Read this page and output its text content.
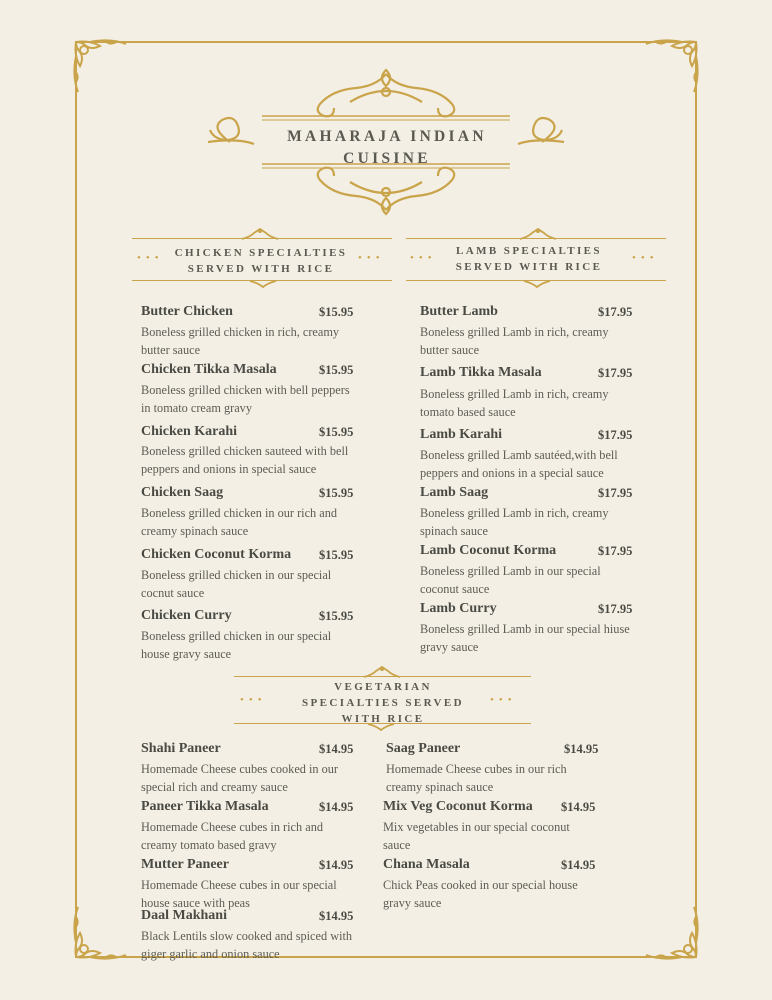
MAHARAJA INDIAN
CUISINE
•••	CHICKEN SPECIALTIES
SERVED WITH RICE
••• •••
LAMB SPECIALTIES
SERVED WITH RICE
•••
Butter Chicken	$15.95
Boneless grilled chicken in rich, creamy
butter sauce
Chicken Tikka Masala	$15.95
Boneless grilled chicken with bell peppers
in tomato cream gravy
Chicken Karahi	$15.95
Boneless grilled chicken sauteed with bell
peppers and onions in special sauce
Chicken Saag	$15.95
Boneless grilled chicken in our rich and
creamy spinach sauce
Chicken Coconut Korma $15.95
Boneless grilled chicken in our special
cocnut sauce
Chicken Curry	$15.95
Boneless grilled chicken in our special
house gravy sauce
Butter Lamb	$17.95
Boneless grilled Lamb in rich, creamy
butter sauce
Lamb Tikka Masala	$17.95
Boneless grilled Lamb in rich, creamy
tomato based sauce
Lamb Karahi	$17.95
Boneless grilled Lamb sautéed,with bell
peppers and onions in a special sauce
Lamb Saag	$17.95
Boneless grilled Lamb in rich, creamy
spinach sauce
Lamb Coconut Korma	$17.95
Boneless grilled Lamb in our special
coconut sauce
Lamb Curry	$17.95
Boneless grilled Lamb in our special hiuse
gravy sauce
•••
VEGETARIAN
SPECIALTIES SERVED
WITH RICE
•••
Shahi Paneer	$14.95
Homemade Cheese cubes cooked in our
special rich and creamy sauce
Paneer Tikka Masala	$14.95
Homemade Cheese cubes in rich and
creamy tomato based gravy
Mutter Paneer	$14.95
Homemade Cheese cubes in our special
house sauce with peas
Daal Makhani	$14.95
Black Lentils slow cooked and spiced with
giger garlic and onion sauce
Saag Paneer	$14.95
Homemade Cheese cubes in our rich
creamy spinach sauce
Mix Veg Coconut Korma $14.95
Mix vegetables in our special coconut
sauce
Chana Masala	$14.95
Chick Peas cooked in our special house
gravy sauce
